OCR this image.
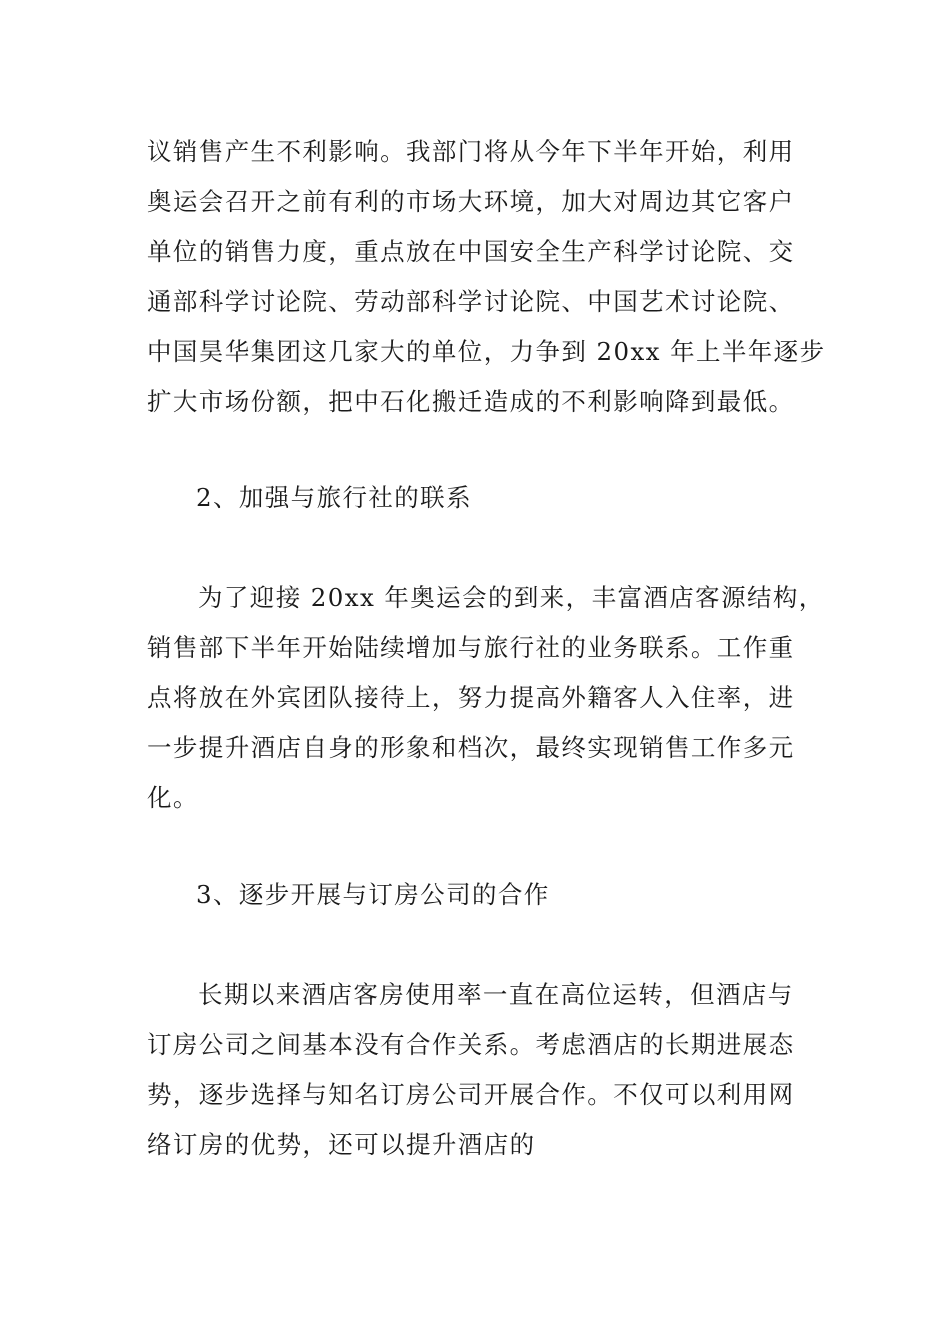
议销售产生不利影响。我部门将从今年下半年开始，利用
奥运会召开之前有利的市场大环境，加大对周边其它客户
单位的销售力度，重点放在中国安全生产科学讨论院、交
通部科学讨论院、劳动部科学讨论院、中国艺术讨论院、
中国昊华集团这几家大的单位，力争到 20xx 年上半年逐步
扩大市场份额，把中石化搬迁造成的不利影响降到最低。
2、加强与旅行社的联系
为了迎接 20xx 年奥运会的到来，丰富酒店客源结构，
销售部下半年开始陆续增加与旅行社的业务联系。工作重
点将放在外宾团队接待上，努力提高外籍客人入住率，进
一步提升酒店自身的形象和档次，最终实现销售工作多元
化。
3、逐步开展与订房公司的合作
长期以来酒店客房使用率一直在高位运转，但酒店与
订房公司之间基本没有合作关系。考虑酒店的长期进展态
势，逐步选择与知名订房公司开展合作。不仅可以利用网
络订房的优势，还可以提升酒店的
